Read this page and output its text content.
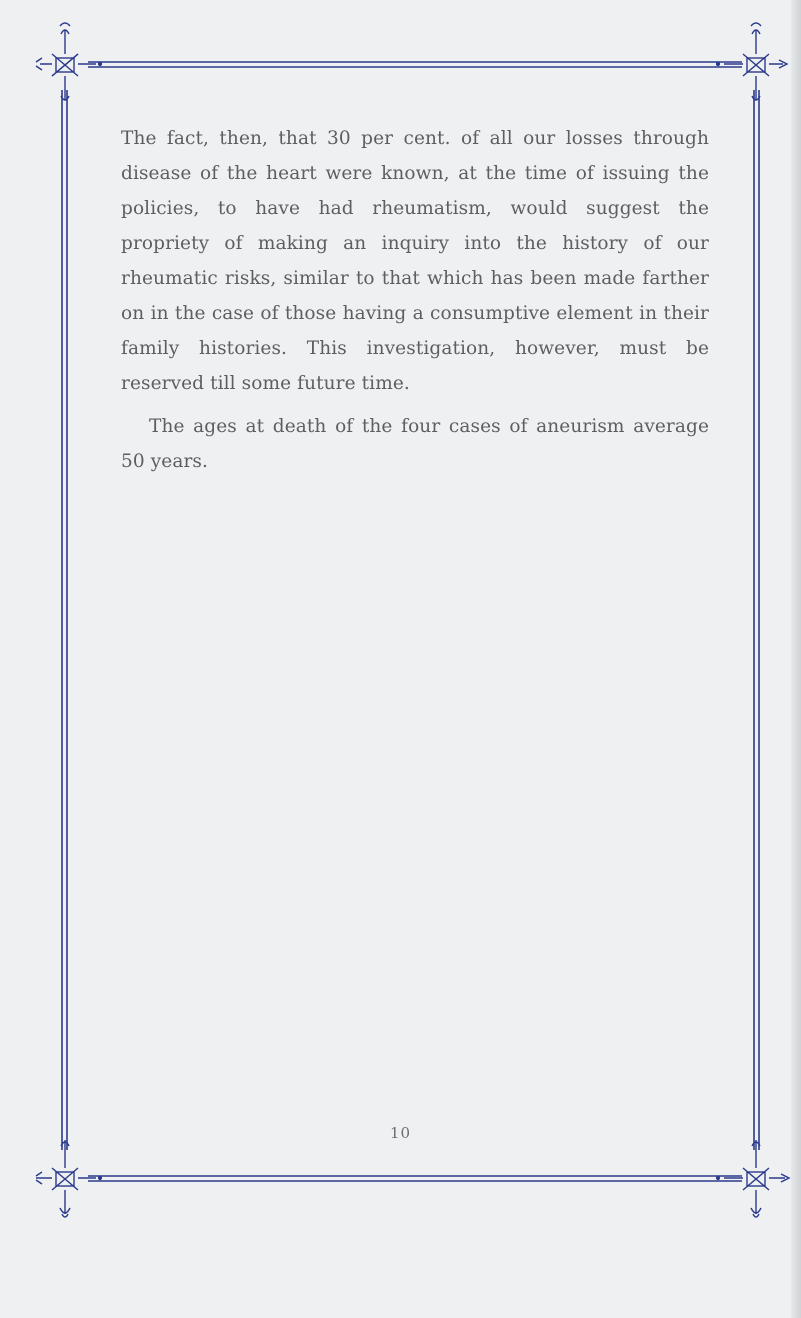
The fact, then, that 30 per cent. of all our losses through disease of the heart were known, at the time of issuing the policies, to have had rheumatism, would suggest the propriety of making an inquiry into the history of our rheumatic risks, similar to that which has been made farther on in the case of those having a consumptive element in their family histories. This investigation, however, must be reserved till some future time.

The ages at death of the four cases of aneurism average 50 years.

10
